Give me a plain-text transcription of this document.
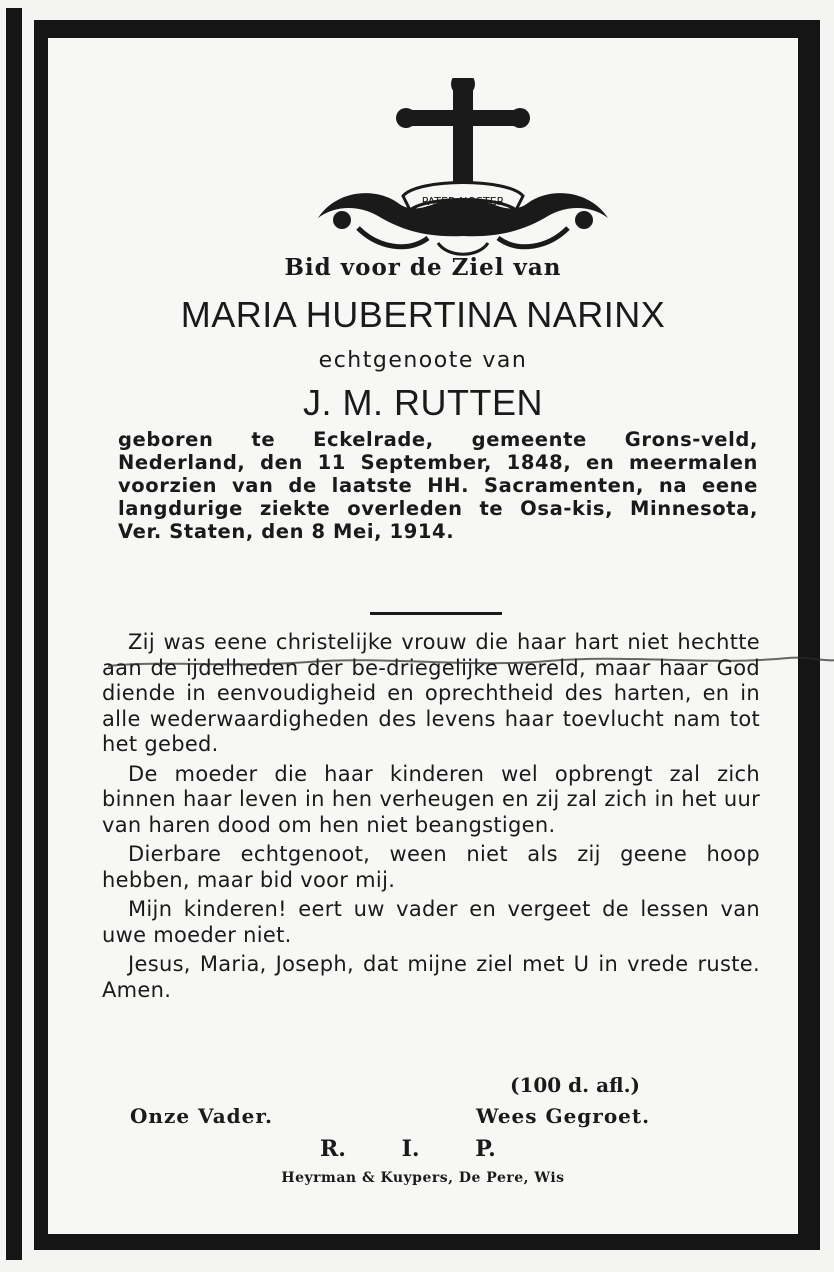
PATER NOSTER
Bid voor de Ziel van
MARIA HUBERTINA NARINX
echtgenoote van
J. M. RUTTEN
geboren te Eckelrade, gemeente Grons-veld, Nederland, den 11 September, 1848, en meermalen voorzien van de laatste HH. Sacramenten, na eene langdurige ziekte overleden te Osa-kis, Minnesota, Ver. Staten, den 8 Mei, 1914.

Zij was eene christelijke vrouw die haar hart niet hechtte aan de ijdelheden der be-driegelijke wereld, maar haar God diende in eenvoudigheid en oprechtheid des harten, en in alle wederwaardigheden des levens haar toevlucht nam tot het gebed.

De moeder die haar kinderen wel opbrengt zal zich binnen haar leven in hen verheugen en zij zal zich in het uur van haren dood om hen niet beangstigen.

Dierbare echtgenoot, ween niet als zij geene hoop hebben, maar bid voor mij.

Mijn kinderen! eert uw vader en vergeet de lessen van uwe moeder niet.

Jesus, Maria, Joseph, dat mijne ziel met U in vrede ruste. Amen.

(100 d. afl.)
Onze Vader.	Wees Gegroet.
R. I. P.
Heyrman & Kuypers, De Pere, Wis
